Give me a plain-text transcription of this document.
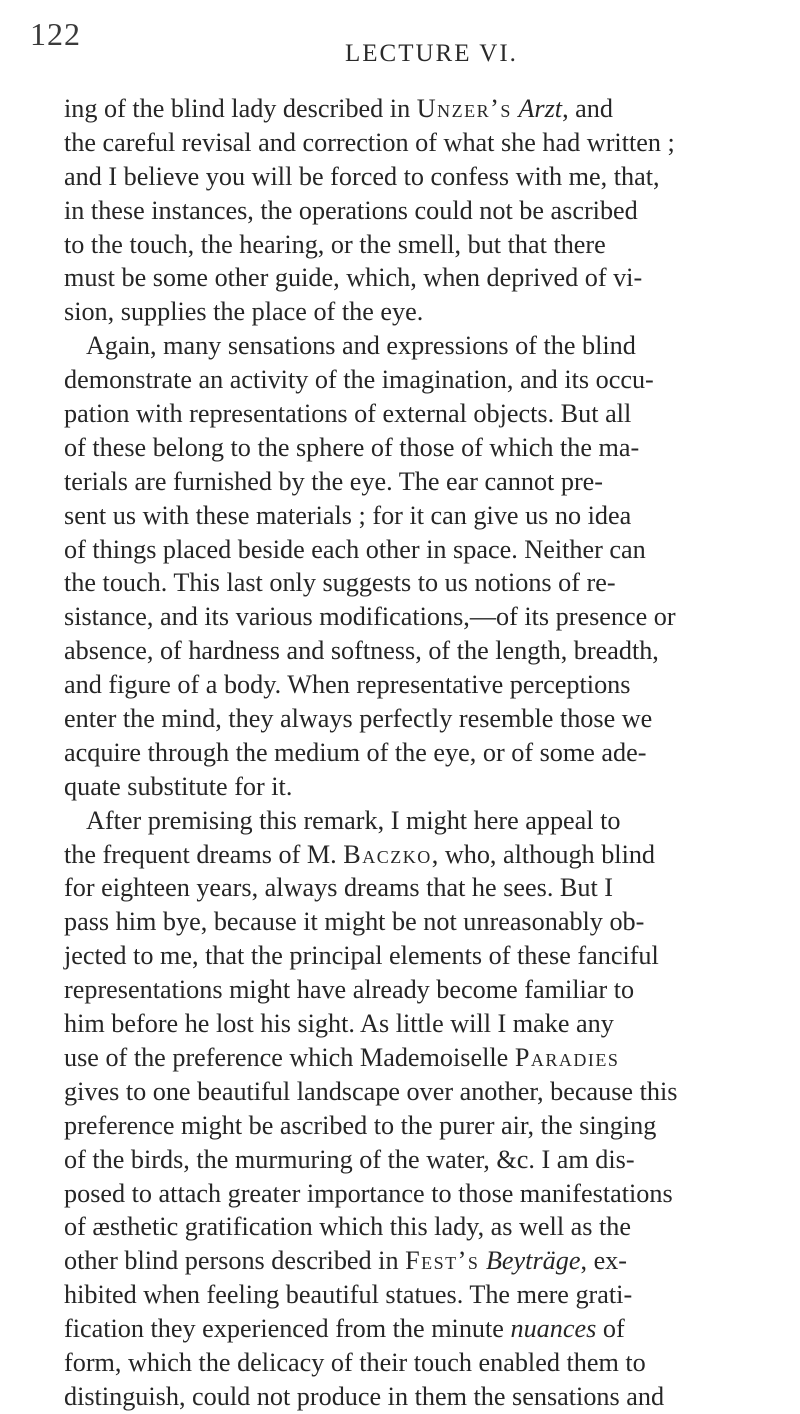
122
LECTURE VI.
ing of the blind lady described in Unzer’s Arzt, and
the careful revisal and correction of what she had written ;
and I believe you will be forced to confess with me, that,
in these instances, the operations could not be ascribed
to the touch, the hearing, or the smell, but that there
must be some other guide, which, when deprived of vi-
sion, supplies the place of the eye.
Again, many sensations and expressions of the blind
demonstrate an activity of the imagination, and its occu-
pation with representations of external objects. But all
of these belong to the sphere of those of which the ma-
terials are furnished by the eye. The ear cannot pre-
sent us with these materials ; for it can give us no idea
of things placed beside each other in space. Neither can
the touch. This last only suggests to us notions of re-
sistance, and its various modifications,—of its presence or
absence, of hardness and softness, of the length, breadth,
and figure of a body. When representative perceptions
enter the mind, they always perfectly resemble those we
acquire through the medium of the eye, or of some ade-
quate substitute for it.
After premising this remark, I might here appeal to
the frequent dreams of M. Baczko, who, although blind
for eighteen years, always dreams that he sees. But I
pass him bye, because it might be not unreasonably ob-
jected to me, that the principal elements of these fanciful
representations might have already become familiar to
him before he lost his sight. As little will I make any
use of the preference which Mademoiselle Paradies
gives to one beautiful landscape over another, because this
preference might be ascribed to the purer air, the singing
of the birds, the murmuring of the water, &c. I am dis-
posed to attach greater importance to those manifestations
of æsthetic gratification which this lady, as well as the
other blind persons described in Fest’s Beyträge, ex-
hibited when feeling beautiful statues. The mere grati-
fication they experienced from the minute nuances of
form, which the delicacy of their touch enabled them to
distinguish, could not produce in them the sensations and
